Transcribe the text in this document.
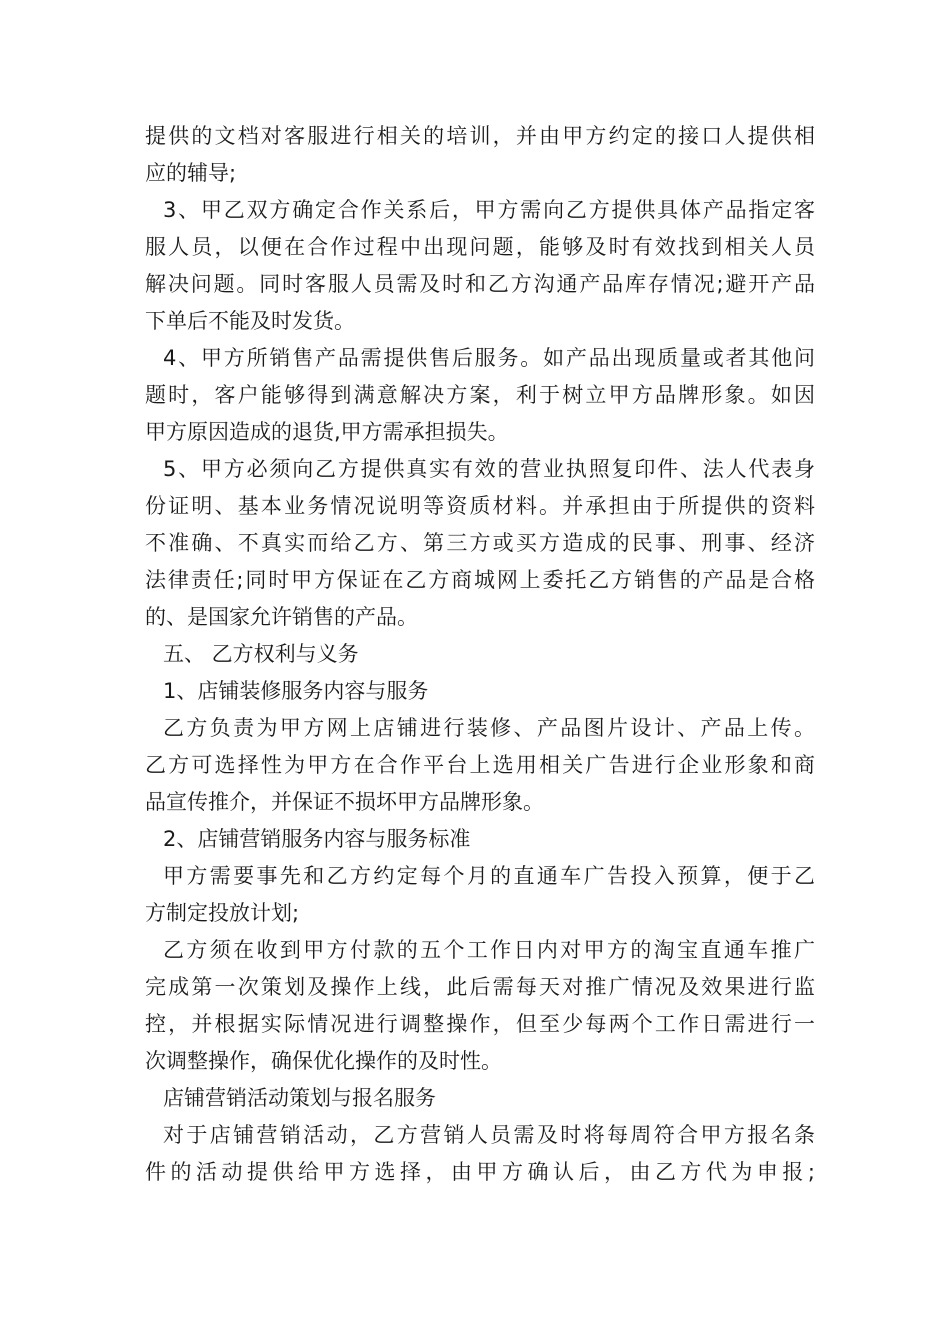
提供的文档对客服进行相关的培训，并由甲方约定的接口人提供相
应的辅导;
3、甲乙双方确定合作关系后，甲方需向乙方提供具体产品指定客
服人员，以便在合作过程中出现问题，能够及时有效找到相关人员
解决问题。同时客服人员需及时和乙方沟通产品库存情况;避开产品
下单后不能及时发货。
4、甲方所销售产品需提供售后服务。如产品出现质量或者其他问
题时，客户能够得到满意解决方案，利于树立甲方品牌形象。如因
甲方原因造成的退货,甲方需承担损失。
5、甲方必须向乙方提供真实有效的营业执照复印件、法人代表身
份证明、基本业务情况说明等资质材料。并承担由于所提供的资料
不准确、不真实而给乙方、第三方或买方造成的民事、刑事、经济
法律责任;同时甲方保证在乙方商城网上委托乙方销售的产品是合格
的、是国家允许销售的产品。
五、 乙方权利与义务
1、店铺装修服务内容与服务
乙方负责为甲方网上店铺进行装修、产品图片设计、产品上传。
乙方可选择性为甲方在合作平台上选用相关广告进行企业形象和商
品宣传推介，并保证不损坏甲方品牌形象。
2、店铺营销服务内容与服务标准
甲方需要事先和乙方约定每个月的直通车广告投入预算，便于乙
方制定投放计划;
乙方须在收到甲方付款的五个工作日内对甲方的淘宝直通车推广
完成第一次策划及操作上线，此后需每天对推广情况及效果进行监
控，并根据实际情况进行调整操作，但至少每两个工作日需进行一
次调整操作，确保优化操作的及时性。
店铺营销活动策划与报名服务
对于店铺营销活动，乙方营销人员需及时将每周符合甲方报名条
件的活动提供给甲方选择，由甲方确认后，由乙方代为申报;
